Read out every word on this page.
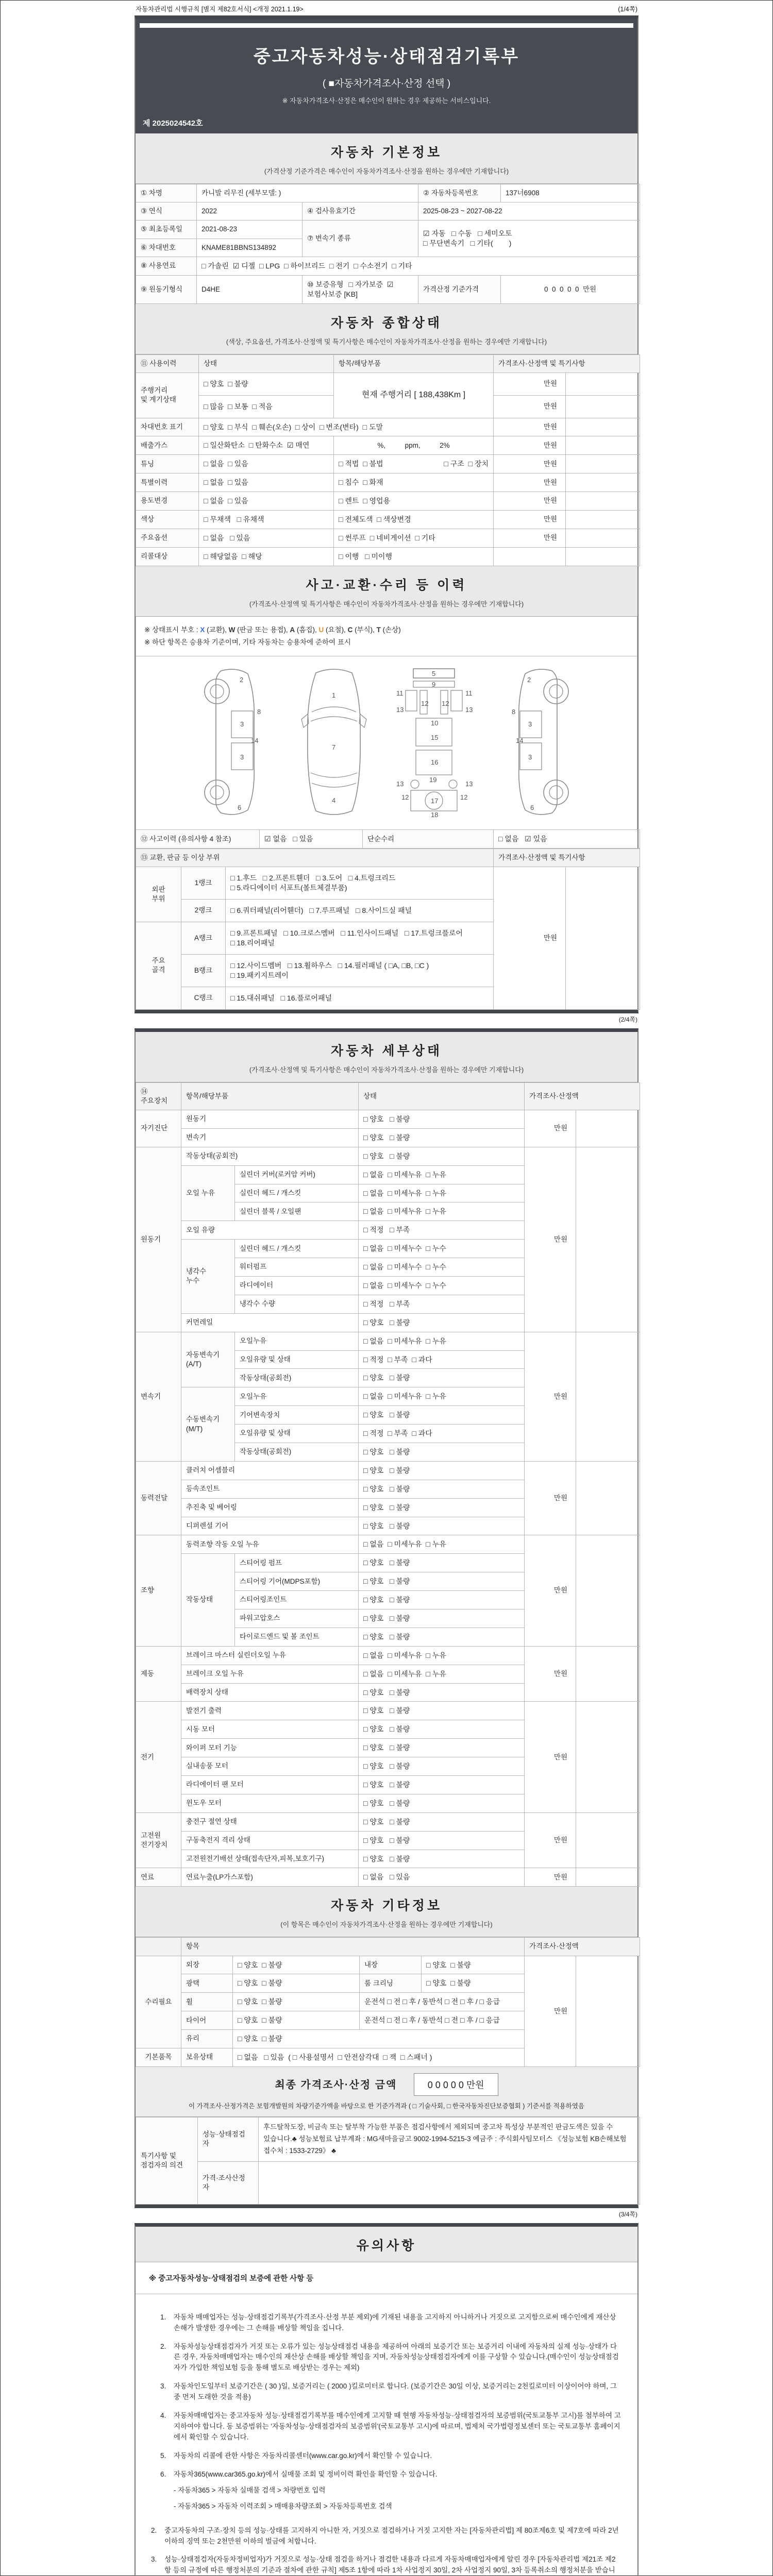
자동차관리법 시행규칙 [별지 제82호서식] <개정 2021.1.19>	(1/4쪽)
중고자동차성능·상태점검기록부
( ■자동차가격조사·산정 선택 )
※ 자동차가격조사·산정은 매수인이 원하는 경우 제공하는 서비스입니다.
제 2025024542호
자동차 기본정보
(가격산정 기준가격은 매수인이 자동차가격조사·산정을 원하는 경우에만 기재합니다)
① 차명	카니발 리무진 (세부모델: )		② 자동차등록번호	137너6908
③ 연식	2022	④ 검사유효기간	2025-08-23 ~ 2027-08-22	
⑤ 최초등록일	2021-08-23	⑦ 변속기 종류	☑ 자동   □ 수동   □ 세미오토
□ 무단변속기   □ 기타(        )	
⑥ 차대번호	KNAME81BBNS134892			
⑧ 사용연료	□ 가솔린  ☑ 디젤  □ LPG  □ 하이브리드  □ 전기  □ 수소전기  □ 기타			
⑨ 원동기형식	D4HE	⑩ 보증유형 □ 자가보증  ☑ 보험사보증 [KB]	가격산정 기준가격	0  0  0  0  0  만원
자동차 종합상태
(색상, 주요옵션, 가격조사·산정액 및 특기사항은 매수인이 자동차가격조사·산정을 원하는 경우에만 기재합니다)
⑪ 사용이력	상태	항목/해당부품	가격조사·산정액 및 특기사항	
주행거리
및 계기상태	□ 양호  □ 불량	현재 주행거리 [ 188,438Km ]	만원	
	□ 많음  □ 보통  □ 적음		만원	
차대번호 표기	□ 양호  □ 부식  □ 훼손(오손)  □ 상이  □ 변조(변타)  □ 도말		만원	
배출가스	□ 일산화탄소  □ 탄화수소  ☑ 매연	%,          ppm,          2%	만원	
튜닝	□ 없음  □ 있음	□ 적법  □ 불법 □ 구조  □ 장치	만원	
특별이력	□ 없음  □ 있음	□ 침수  □ 화재	만원	
용도변경	□ 없음  □ 있음	□ 렌트  □ 영업용	만원	
색상	□ 무채색   □ 유채색	□ 전체도색  □ 색상변경	만원	
주요옵션	□ 없음   □ 있음	□ 썬루프  □ 네비게이션  □ 기타	만원	
리콜대상	□ 해당없음  □ 해당	□ 이행   □ 미이행		
사고·교환·수리 등 이력
(가격조사·산정액 및 특기사항은 매수인이 자동차가격조사·산정을 원하는 경우에만 기재합니다)
※ 상태표시 부호 : X (교환), W (판금 또는 용접), A (흠집), U (요철), C (부식), T (손상)
※ 하단 항목은 승용차 기준이며, 기타 자동차는 승용차에 준하여 표시
2
8
3
14
3
6
1
7
4
5
9
11	11
13	13
12 12
10
15
16
19
13	13
12	12
17
18
2
8
3
14
3
6
⑫ 사고이력 (유의사항 4 참조)	☑ 없음   □ 있음	단순수리	□ 없음   ☑ 있음
⑬ 교환, 판금 등 이상 부위			가격조사·산정액 및 특기사항	
외판
부위	1랭크	□ 1.후드   □ 2.프론트휀더   □ 3.도어   □ 4.트렁크리드
□ 5.라디에이터 서포트(볼트체결부품)	만원	
	2랭크	□ 6.쿼터패널(리어휀더)   □ 7.루프패널   □ 8.사이드실 패널		
주요
골격	A랭크	□ 9.프론트패널   □ 10.크로스멤버   □ 11.인사이드패널   □ 17.트렁크플로어
□ 18.리어패널		
	B랭크	□ 12.사이드멤버   □ 13.휠하우스   □ 14.필러패널 ( □A, □B, □C )
□ 19.패키지트레이		
	C랭크	□ 15.대쉬패널   □ 16.플로어패널		
(2/4쪽)
자동차 세부상태
(가격조사·산정액 및 특기사항은 매수인이 자동차가격조사·산정을 원하는 경우에만 기재합니다)
⑭ 주요장치	항목/해당부품		상태	가격조사·산정액	
자기진단	원동기		□ 양호   □ 불량	만원	
	변속기		□ 양호   □ 불량		
원동기	작동상태(공회전)		□ 양호   □ 불량	만원	
	오일 누유	실린더 커버(로커암 커버)	□ 없음  □ 미세누유  □ 누유		
		실린더 헤드 / 개스킷	□ 없음  □ 미세누유  □ 누유		
		실린더 블록 / 오일팬	□ 없음  □ 미세누유  □ 누유		
	오일 유량		□ 적정   □ 부족		
	냉각수
누수	실린더 헤드 / 개스킷	□ 없음  □ 미세누수  □ 누수		
		워터펌프	□ 없음  □ 미세누수  □ 누수		
		라디에이터	□ 없음  □ 미세누수  □ 누수		
		냉각수 수량	□ 적정   □ 부족		
	커먼레일		□ 양호   □ 불량		
변속기	자동변속기
(A/T)	오일누유	□ 없음  □ 미세누유  □ 누유	만원	
		오일유량 및 상태	□ 적정  □ 부족  □ 과다		
		작동상태(공회전)	□ 양호   □ 불량		
	수동변속기
(M/T)	오일누유	□ 없음  □ 미세누유  □ 누유		
		기어변속장치	□ 양호   □ 불량		
		오일유량 및 상태	□ 적정  □ 부족  □ 과다		
		작동상태(공회전)	□ 양호   □ 불량		
동력전달	클러치 어셈블리		□ 양호   □ 불량	만원	
	등속조인트		□ 양호   □ 불량		
	추진축 및 베어링		□ 양호   □ 불량		
	디퍼렌셜 기어		□ 양호   □ 불량		
조향	동력조향 작동 오일 누유		□ 없음  □ 미세누유  □ 누유	만원	
	작동상태	스티어링 펌프	□ 양호   □ 불량		
		스티어링 기어(MDPS포함)	□ 양호   □ 불량		
		스티어링조인트	□ 양호   □ 불량		
		파워고압호스	□ 양호   □ 불량		
		타이로드엔드 및 볼 조인트	□ 양호   □ 불량		
제동	브레이크 마스터 실린더오일 누유		□ 없음  □ 미세누유  □ 누유	만원	
	브레이크 오일 누유		□ 없음  □ 미세누유  □ 누유		
	배력장치 상태		□ 양호   □ 불량		
전기	발전기 출력		□ 양호   □ 불량	만원	
	시동 모터		□ 양호   □ 불량		
	와이퍼 모터 기능		□ 양호   □ 불량		
	실내송풍 모터		□ 양호   □ 불량		
	라디에이터 팬 모터		□ 양호   □ 불량		
	윈도우 모터		□ 양호   □ 불량		
고전원
전기장치	충전구 절연 상태		□ 양호   □ 불량	만원	
	구동축전지 격리 상태		□ 양호   □ 불량		
	고전원전기배선 상태(접속단자,피복,보호기구)		□ 양호   □ 불량		
연료	연료누출(LP가스포함)		□ 없음   □ 있음	만원	
자동차 기타정보
(이 항목은 매수인이 자동차가격조사·산정을 원하는 경우에만 기재합니다)
	항목				가격조사·산정액	
수리필요	외장	□ 양호  □ 불량	내장	□ 양호  □ 불량	만원	
	광택	□ 양호  □ 불량	룸 크리닝	□ 양호  □ 불량		
	휠	□ 양호  □ 불량	운전석 □ 전 □ 후 / 동반석 □ 전 □ 후 / □ 응급			
	타이어	□ 양호  □ 불량	운전석 □ 전 □ 후 / 동반석 □ 전 □ 후 / □ 응급			
	유리	□ 양호  □ 불량				
기본품목	보유상태	□ 없음   □ 있음  ( □ 사용설명서  □ 안전삼각대  □ 잭  □ 스패너 )				
최종 가격조사·산정 금액	0 0 0 0 0 만원
이 가격조사·산정가격은 보험개발원의 차량기준가액을 바탕으로 한 기준가격과 ( □ 기술사회, □ 한국자동차진단보증협회 ) 기준서를 적용하였음
특기사항 및
점검자의 의견	성능·상태점검
자	후드탈착도장, 비금속 또는 탈부착 가능한 부품은 점검사항에서 제외되며 중고차 특성상 부분적인 판금도색은 있을 수 있습니다.♣ 성능보험료 납부계좌 : MG새마을금고 9002-1994-5215-3 예금주 : 주식회사팀모터스 《성능보험 KB손해보험 접수처 : 1533-2729》 ♣
	가격·조사산정
자	
(3/4쪽)
유의사항
※ 중고자동차성능·상태점검의 보증에 관한 사항 등
1.	자동차 매매업자는 성능·상태점검기록부(가격조사·산정 부분 제외)에 기재된 내용을 고지하지 아니하거나 거짓으로 고지함으로써 매수인에게 재산상 손해가 발생한 경우에는 그 손해를 배상할 책임을 집니다.
2.	자동차성능상태점검자가 거짓 또는 오류가 있는 성능상태점검 내용을 제공하여 아래의 보증기간 또는 보증거리 이내에 자동차의 실제 성능·상태가 다른 경우, 자동차매매업자는 매수인의 재산상 손해를 배상할 책임을 지며, 자동차성능상태점검자에게 이를 구상할 수 있습니다.(매수인이 성능상태점검자가 가입한 책임보험 등을 통해 별도로 배상받는 경우는 제외)
3.	자동차인도일부터 보증기간은 ( 30 )일, 보증거리는 ( 2000 )킬로미터로 합니다. (보증기간은 30일 이상, 보증거리는 2천킬로미터 이상이어야 하며, 그 중 먼저 도래한 것을 적용)
4.	자동차매매업자는 중고자동차 성능·상태점검기록부를 매수인에게 고지할 때 현행 자동차성능·상태점검자의 보증범위(국토교통부 고시)를 첨부하여 고지하여야 합니다. 동 보증범위는 '자동차성능·상태점검자의 보증범위'(국토교통부 고시)에 따르며, 법제처 국가법령정보센터 또는 국토교통부 홈페이지에서 확인할 수 있습니다.
5.	자동차의 리콜에 관한 사항은 자동차리콜센터(www.car.go.kr)에서 확인할 수 있습니다.
6.	자동차365(www.car365.go.kr)에서 실매물 조회 및 정비이력 확인을 확인할 수 있습니다.
- 자동차365 > 자동차 실매물 검색 > 차량번호 입력
- 자동차365 > 자동차 이력조회 > 매매용차량조회 > 자동차등록번호 검색
2.	중고자동차의 구조·장치 등의 성능·상태를 고지하지 아니한 자, 거짓으로 점검하거나 거짓 고지한 자는 [자동차관리법] 제 80조제6호 및 제7호에 따라 2년 이하의 징역 또는 2천만원 이하의 벌금에 처합니다.
3.	성능·상태점검자(자동차정비업자)가 거짓으로 성능·상태 점검을 하거나 점검한 내용과 다르게 자동차매매업자에게 알린 경우 [자동차관리법 제21조 제2항 등의 규정에 따른 행정처분의 기준과 절차에 관한 규칙] 제5조 1항에 따라 1차 사업정지 30일, 2차 사업정지 90일, 3차 등록취소의 행정처분을 받습니
